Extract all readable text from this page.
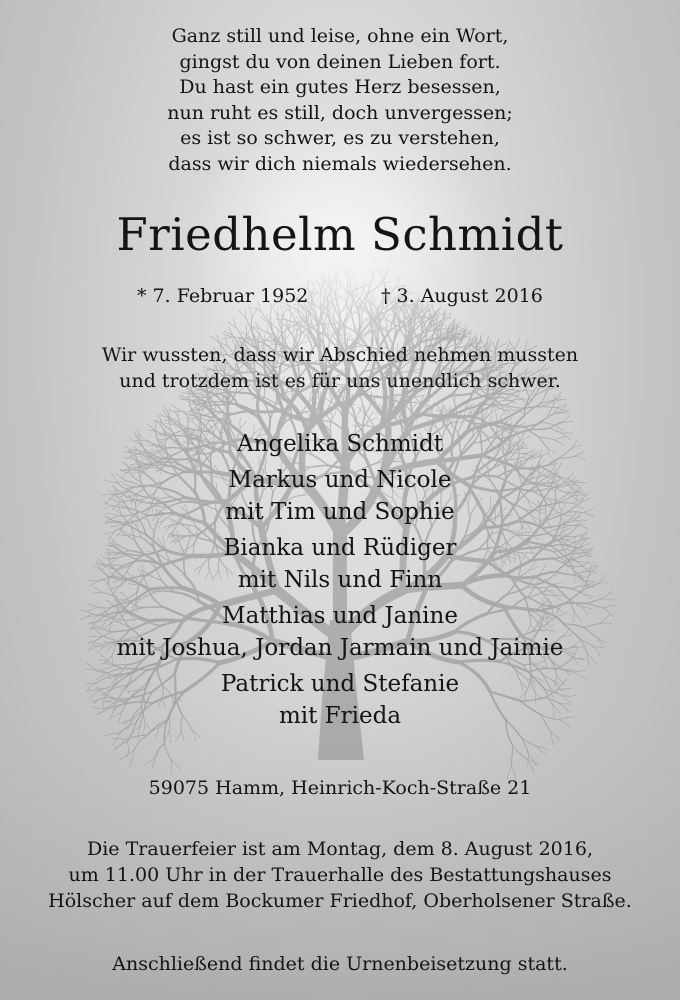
Ganz still und leise, ohne ein Wort,
gingst du von deinen Lieben fort.
Du hast ein gutes Herz besessen,
nun ruht es still, doch unvergessen;
es ist so schwer, es zu verstehen,
dass wir dich niemals wiedersehen.
Friedhelm Schmidt
* 7. Februar 1952	† 3. August 2016
Wir wussten, dass wir Abschied nehmen mussten
und trotzdem ist es für uns unendlich schwer.
Angelika Schmidt
Markus und Nicole
mit Tim und Sophie
Bianka und Rüdiger
mit Nils und Finn
Matthias und Janine
mit Joshua, Jordan Jarmain und Jaimie
Patrick und Stefanie
mit Frieda
59075 Hamm, Heinrich-Koch-Straße 21
Die Trauerfeier ist am Montag, dem 8. August 2016,
um 11.00 Uhr in der Trauerhalle des Bestattungshauses
Hölscher auf dem Bockumer Friedhof, Oberholsener Straße.
Anschließend findet die Urnenbeisetzung statt.
